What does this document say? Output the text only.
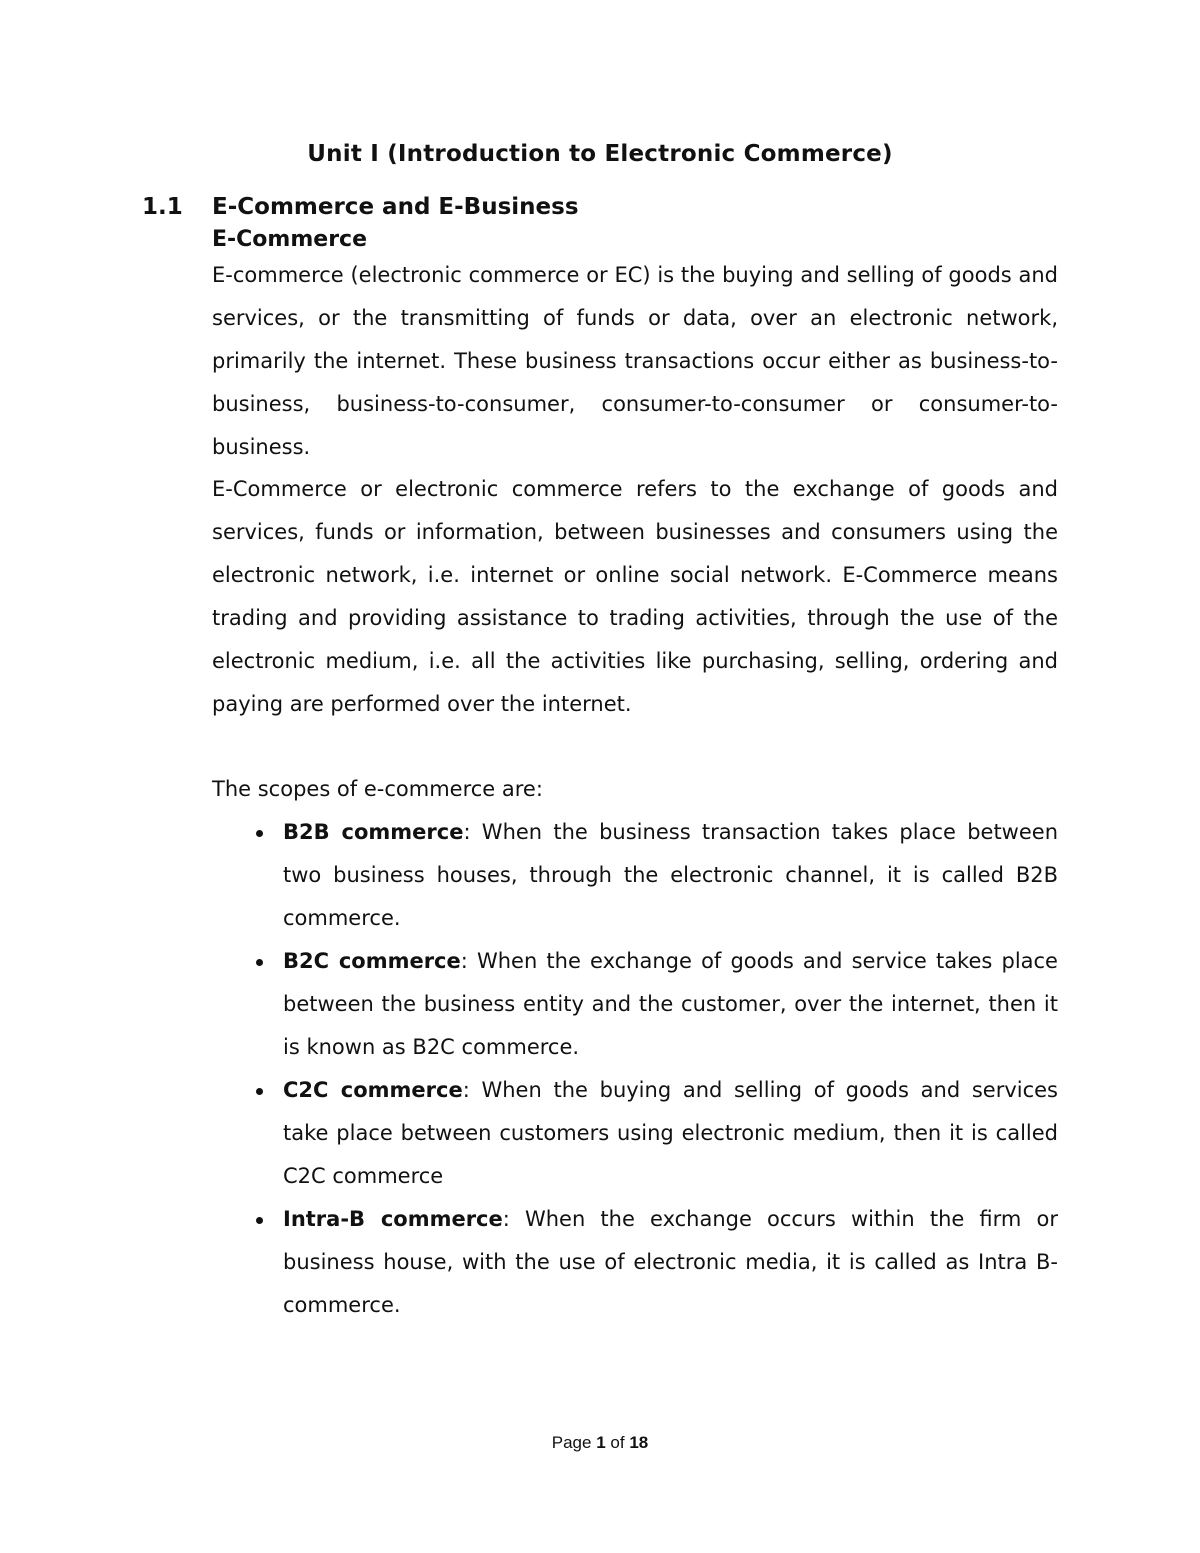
Unit I (Introduction to Electronic Commerce)
1.1 E-Commerce and E-Business
E-Commerce
E-commerce (electronic commerce or EC) is the buying and selling of goods and services, or the transmitting of funds or data, over an electronic network, primarily the internet. These business transactions occur either as business-to-business, business-to-consumer, consumer-to-consumer or consumer-to-business.
E-Commerce or electronic commerce refers to the exchange of goods and services, funds or information, between businesses and consumers using the electronic network, i.e. internet or online social network. E-Commerce means trading and providing assistance to trading activities, through the use of the electronic medium, i.e. all the activities like purchasing, selling, ordering and paying are performed over the internet.
The scopes of e-commerce are:
B2B commerce: When the business transaction takes place between two business houses, through the electronic channel, it is called B2B commerce.
B2C commerce: When the exchange of goods and service takes place between the business entity and the customer, over the internet, then it is known as B2C commerce.
C2C commerce: When the buying and selling of goods and services take place between customers using electronic medium, then it is called C2C commerce
Intra-B commerce: When the exchange occurs within the firm or business house, with the use of electronic media, it is called as Intra B-commerce.
Page 1 of 18
